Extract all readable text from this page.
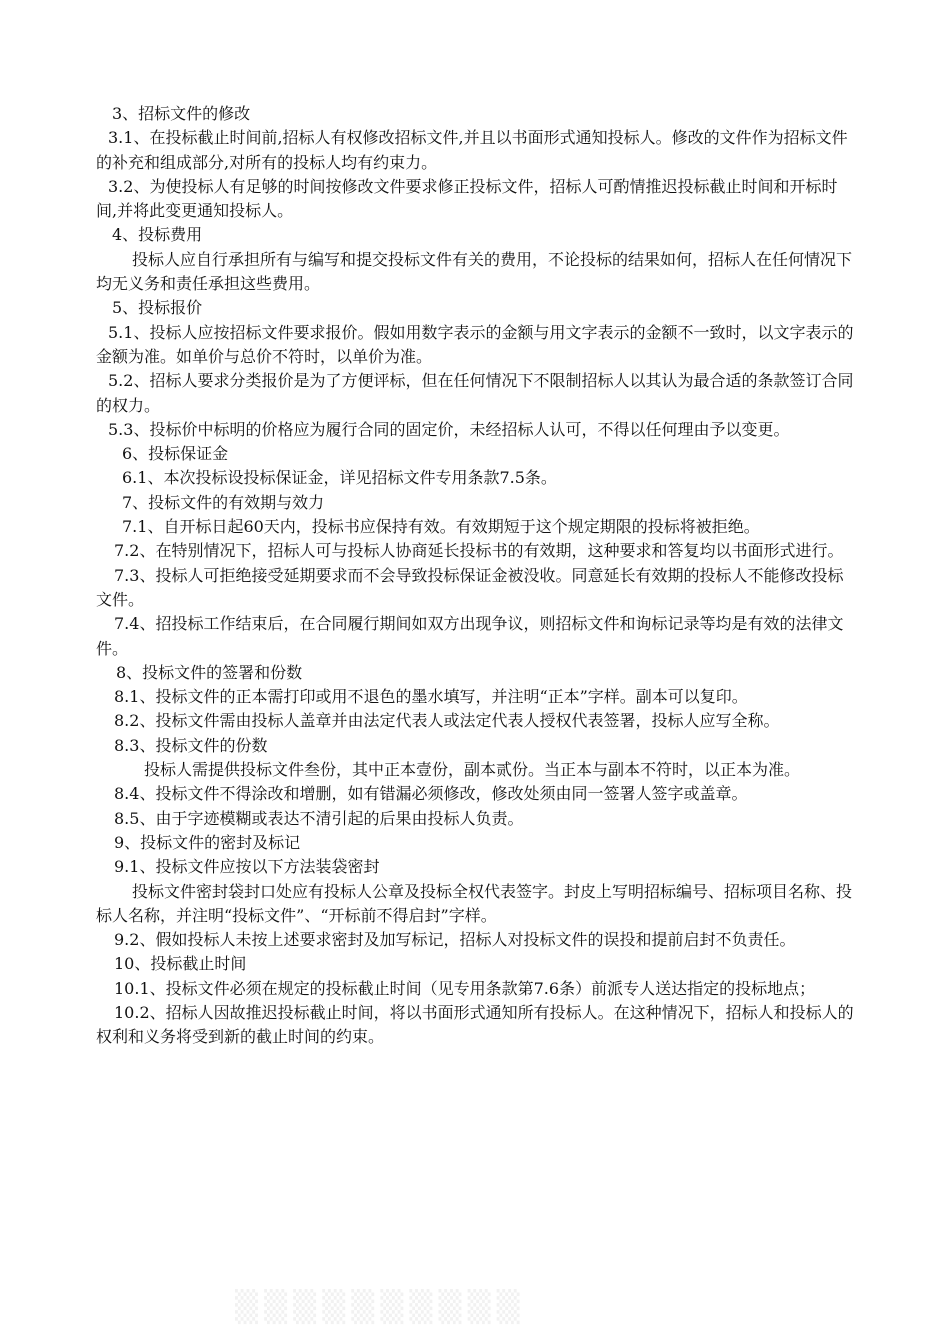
3、招标文件的修改

3.1、在投标截止时间前,招标人有权修改招标文件,并且以书面形式通知投标人。修改的文件作为招标文件的补充和组成部分,对所有的投标人均有约束力。

3.2、为使投标人有足够的时间按修改文件要求修正投标文件，招标人可酌情推迟投标截止时间和开标时间,并将此变更通知投标人。

4、投标费用

投标人应自行承担所有与编写和提交投标文件有关的费用，不论投标的结果如何，招标人在任何情况下均无义务和责任承担这些费用。

5、投标报价

5.1、投标人应按招标文件要求报价。假如用数字表示的金额与用文字表示的金额不一致时，以文字表示的金额为准。如单价与总价不符时，以单价为准。

5.2、招标人要求分类报价是为了方便评标，但在任何情况下不限制招标人以其认为最合适的条款签订合同的权力。

5.3、投标价中标明的价格应为履行合同的固定价，未经招标人认可，不得以任何理由予以变更。

6、投标保证金

6.1、本次投标设投标保证金，详见招标文件专用条款7.5条。

7、投标文件的有效期与效力

7.1、自开标日起60天内，投标书应保持有效。有效期短于这个规定期限的投标将被拒绝。

7.2、在特别情况下，招标人可与投标人协商延长投标书的有效期，这种要求和答复均以书面形式进行。

7.3、投标人可拒绝接受延期要求而不会导致投标保证金被没收。同意延长有效期的投标人不能修改投标文件。

7.4、招投标工作结束后，在合同履行期间如双方出现争议，则招标文件和询标记录等均是有效的法律文件。

8、投标文件的签署和份数

8.1、投标文件的正本需打印或用不退色的墨水填写，并注明“正本”字样。副本可以复印。

8.2、投标文件需由投标人盖章并由法定代表人或法定代表人授权代表签署，投标人应写全称。

8.3、投标文件的份数

投标人需提供投标文件叁份，其中正本壹份，副本贰份。当正本与副本不符时，以正本为准。

8.4、投标文件不得涂改和增删，如有错漏必须修改，修改处须由同一签署人签字或盖章。

8.5、由于字迹模糊或表达不清引起的后果由投标人负责。

9、投标文件的密封及标记

9.1、投标文件应按以下方法装袋密封

投标文件密封袋封口处应有投标人公章及投标全权代表签字。封皮上写明招标编号、招标项目名称、投标人名称，并注明“投标文件”、“开标前不得启封”字样。

9.2、假如投标人未按上述要求密封及加写标记，招标人对投标文件的误投和提前启封不负责任。

10、投标截止时间

10.1、投标文件必须在规定的投标截止时间（见专用条款第7.6条）前派专人送达指定的投标地点；

10.2、招标人因故推迟投标截止时间，将以书面形式通知所有投标人。在这种情况下，招标人和投标人的权利和义务将受到新的截止时间的约束。

▒▒▒▒▒▒▒▒▒▒
